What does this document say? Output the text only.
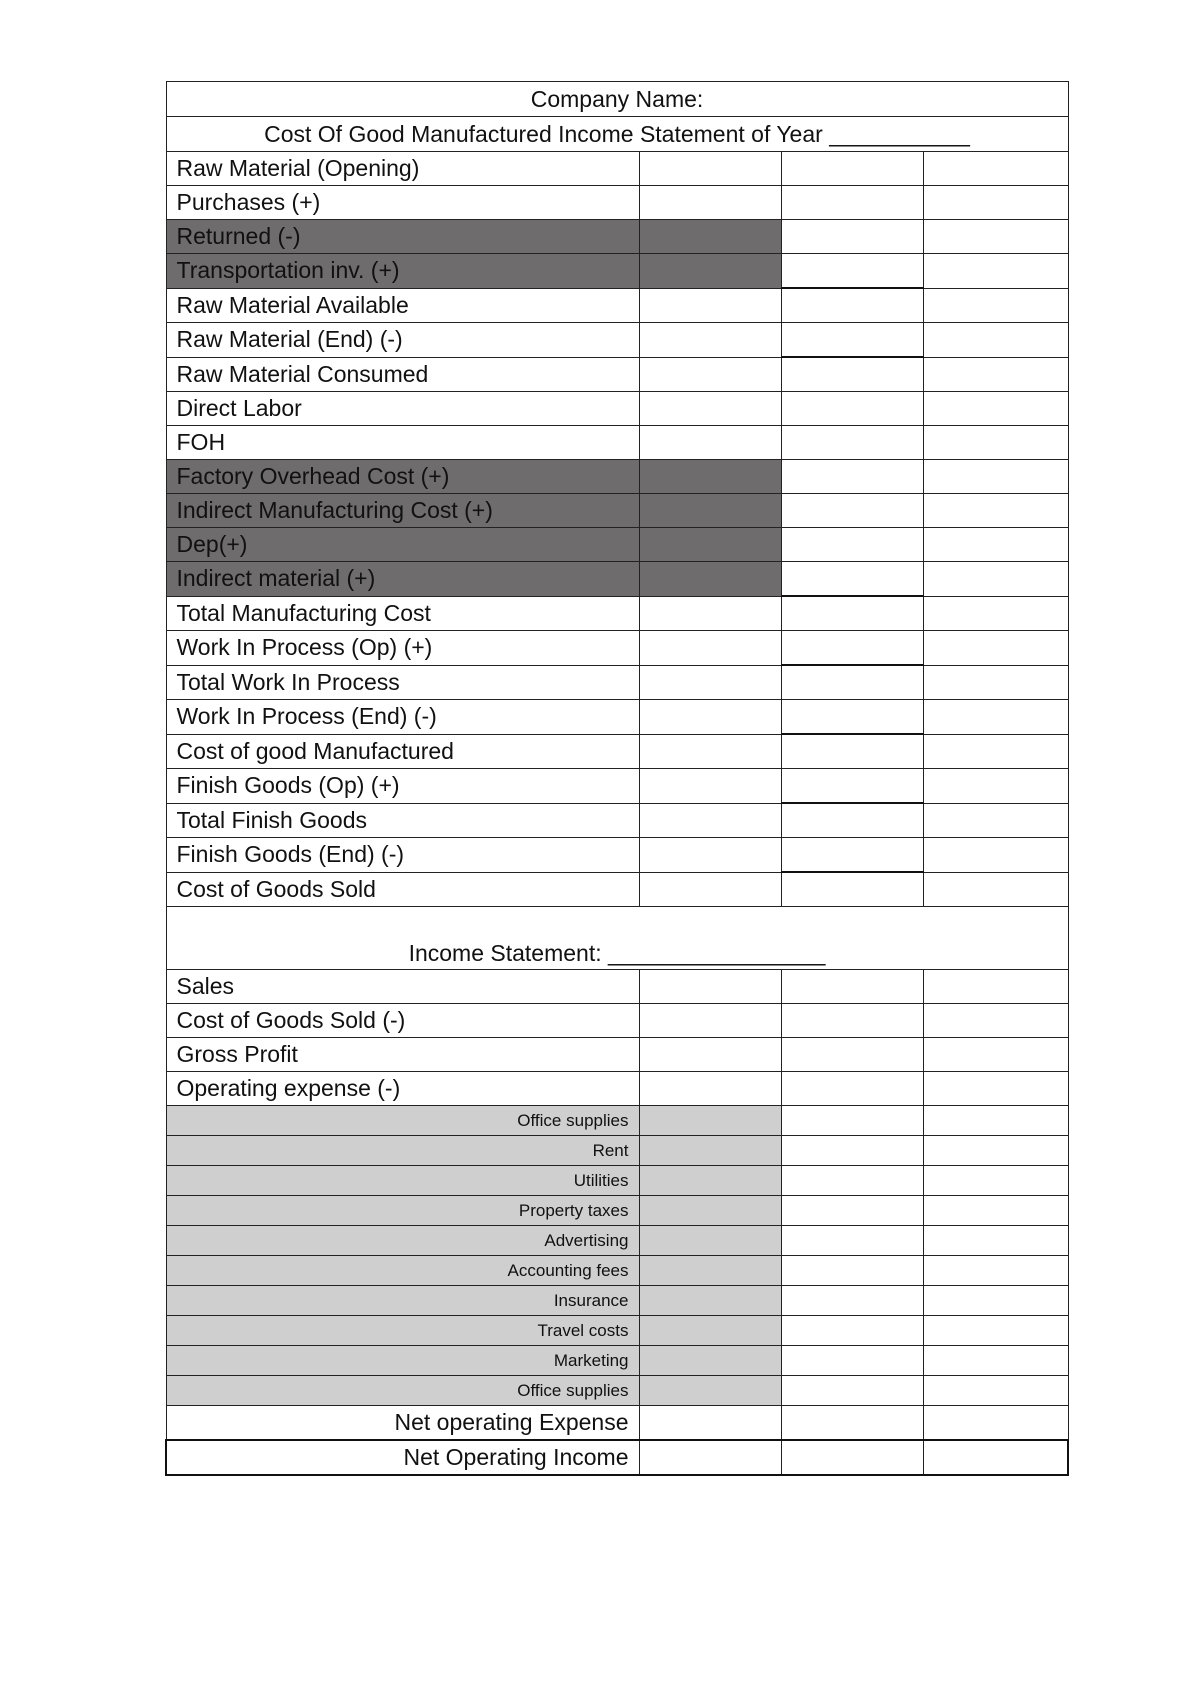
Company Name:			
Cost Of Good Manufactured Income Statement of Year ___________			
Raw Material (Opening)			
Purchases (+)			
Returned (-)			
Transportation inv. (+)			
Raw Material Available			
Raw Material (End) (-)			
Raw Material Consumed			
Direct Labor			
FOH			
Factory Overhead Cost (+)			
Indirect Manufacturing Cost (+)			
Dep(+)			
Indirect material (+)			
Total Manufacturing Cost			
Work In Process (Op) (+)			
Total Work In Process			
Work In Process (End) (-)			
Cost of good Manufactured			
Finish Goods (Op) (+)			
Total Finish Goods			
Finish Goods (End) (-)			
Cost of Goods Sold			
Income Statement: _________________			
Sales			
Cost of Goods Sold (-)			
Gross Profit			
Operating expense (-)			
Office supplies			
Rent			
Utilities			
Property taxes			
Advertising			
Accounting fees			
Insurance			
Travel costs			
Marketing			
Office supplies			
Net operating Expense			
Net Operating Income			
